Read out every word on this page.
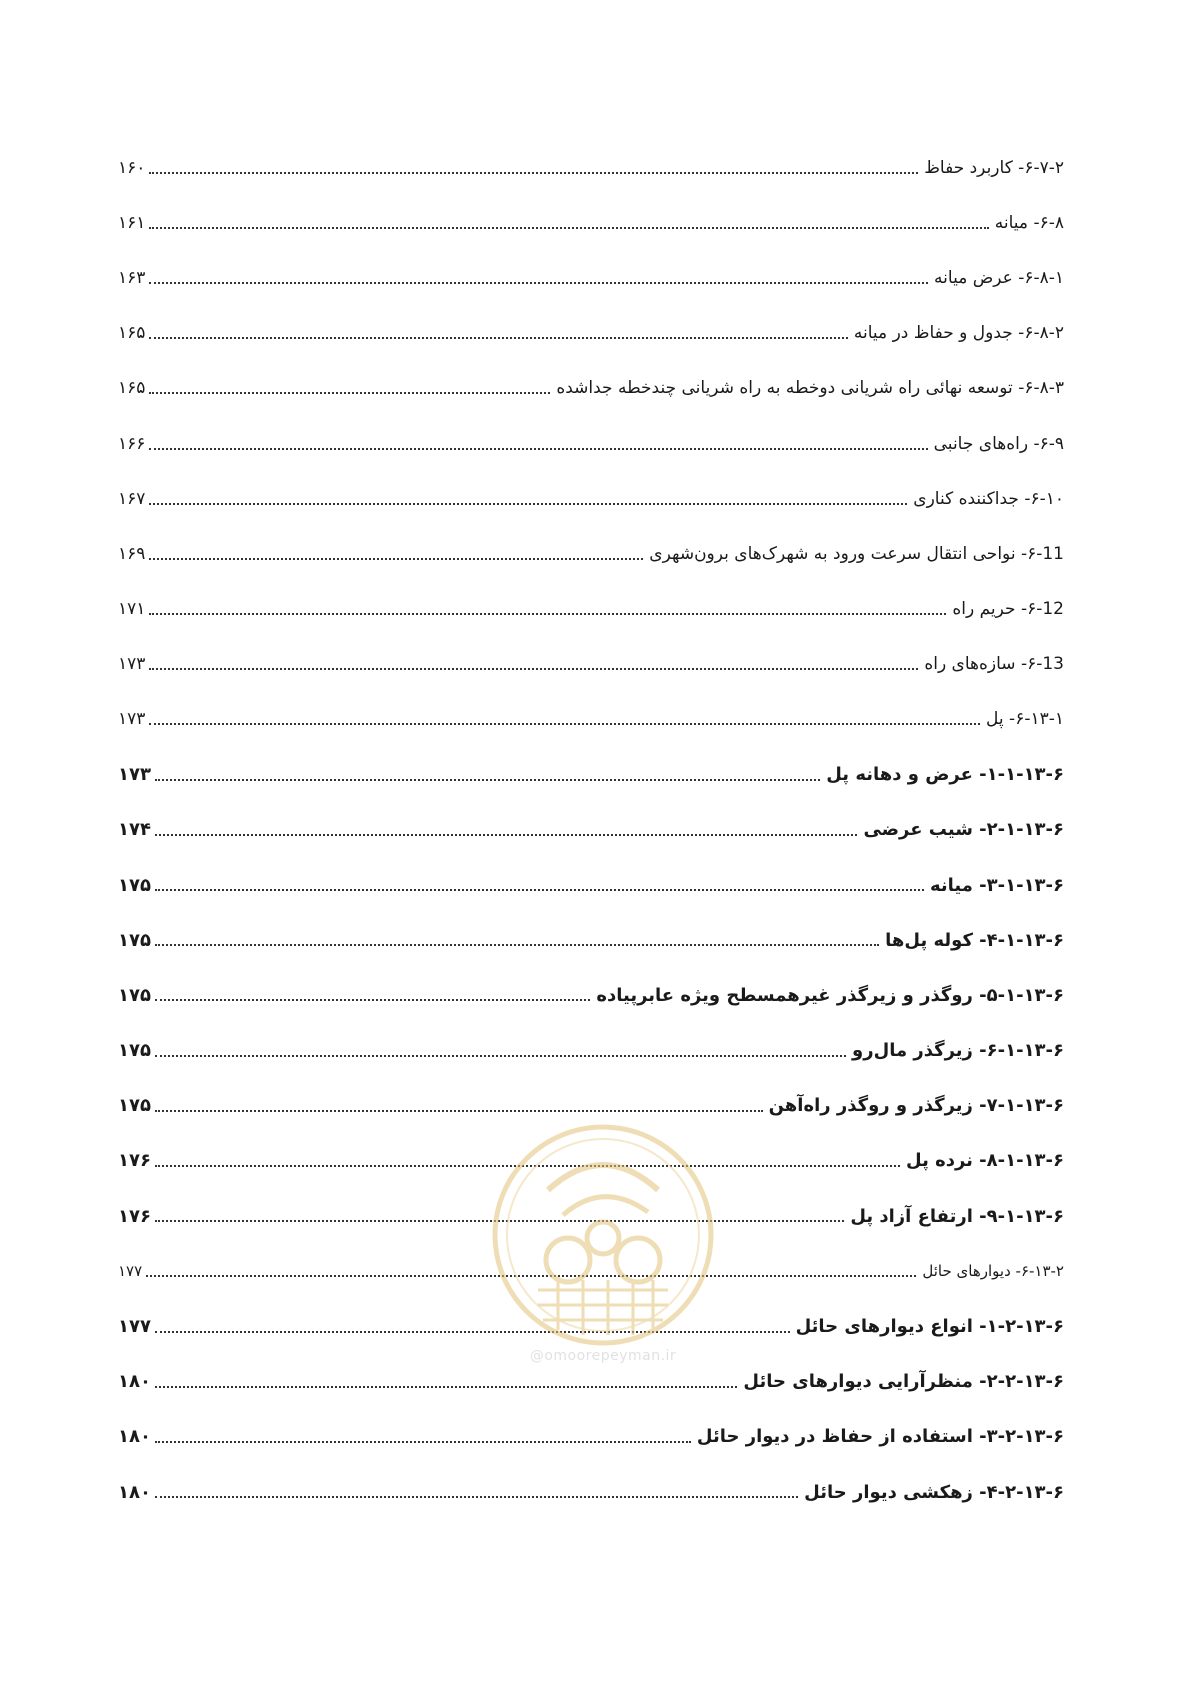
۶-۷-۲- کاربرد حفاظ
۱۶۰
۶-۸- میانه
۱۶۱
۶-۸-۱- عرض میانه
۱۶۳
۶-۸-۲- جدول و حفاظ در میانه
۱۶۵
۶-۸-۳- توسعه نهائی راه شریانی دوخطه به راه شریانی چندخطه جداشده
۱۶۵
۶-۹- راه‌های جانبی
۱۶۶
۶-۱۰- جداکننده کناری
۱۶۷
۶-11- نواحی انتقال سرعت ورود به شهرک‌های برون‌شهری
۱۶۹
۶-12- حریم راه
۱۷۱
۶-13- سازه‌های راه
۱۷۳
۶-۱۳-۱- پل
۱۷۳
۱-۱-۱۳-۶- عرض و دهانه پل
۱۷۳
۲-۱-۱۳-۶- شیب عرضی
۱۷۴
۳-۱-۱۳-۶- میانه
۱۷۵
۴-۱-۱۳-۶- کوله پل‌ها
۱۷۵
۵-۱-۱۳-۶- روگذر و زیرگذر غیرهمسطح ویژه عابرپیاده
۱۷۵
۶-۱-۱۳-۶- زیرگذر مال‌رو
۱۷۵
۷-۱-۱۳-۶- زیرگذر و روگذر راه‌آهن
۱۷۵
۸-۱-۱۳-۶- نرده پل
۱۷۶
۹-۱-۱۳-۶- ارتفاع آزاد پل
۱۷۶
۶-۱۳-۲- دیوارهای حائل
۱۷۷
۱-۲-۱۳-۶- انواع دیوارهای حائل
۱۷۷
۲-۲-۱۳-۶- منظرآرایی دیوارهای حائل
۱۸۰
۳-۲-۱۳-۶- استفاده از حفاظ در دیوار حائل
۱۸۰
۴-۲-۱۳-۶- زهکشی دیوار حائل
۱۸۰
@omoorepeyman.ir
